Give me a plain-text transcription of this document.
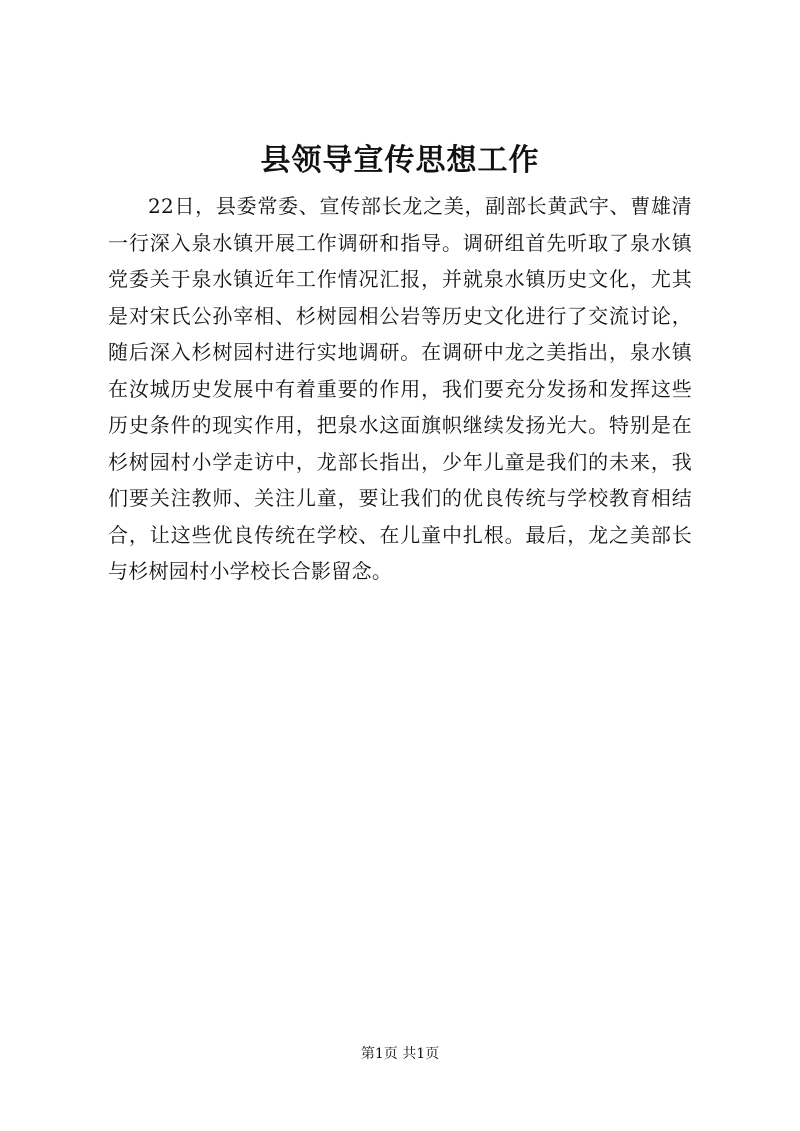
县领导宣传思想工作

22日，县委常委、宣传部长龙之美，副部长黄武宇、曹雄清一行深入泉水镇开展工作调研和指导。调研组首先听取了泉水镇党委关于泉水镇近年工作情况汇报，并就泉水镇历史文化，尤其是对宋氏公孙宰相、杉树园相公岩等历史文化进行了交流讨论，随后深入杉树园村进行实地调研。在调研中龙之美指出，泉水镇在汝城历史发展中有着重要的作用，我们要充分发扬和发挥这些历史条件的现实作用，把泉水这面旗帜继续发扬光大。特别是在杉树园村小学走访中，龙部长指出，少年儿童是我们的未来，我们要关注教师、关注儿童，要让我们的优良传统与学校教育相结合，让这些优良传统在学校、在儿童中扎根。最后，龙之美部长与杉树园村小学校长合影留念。

第1页 共1页
